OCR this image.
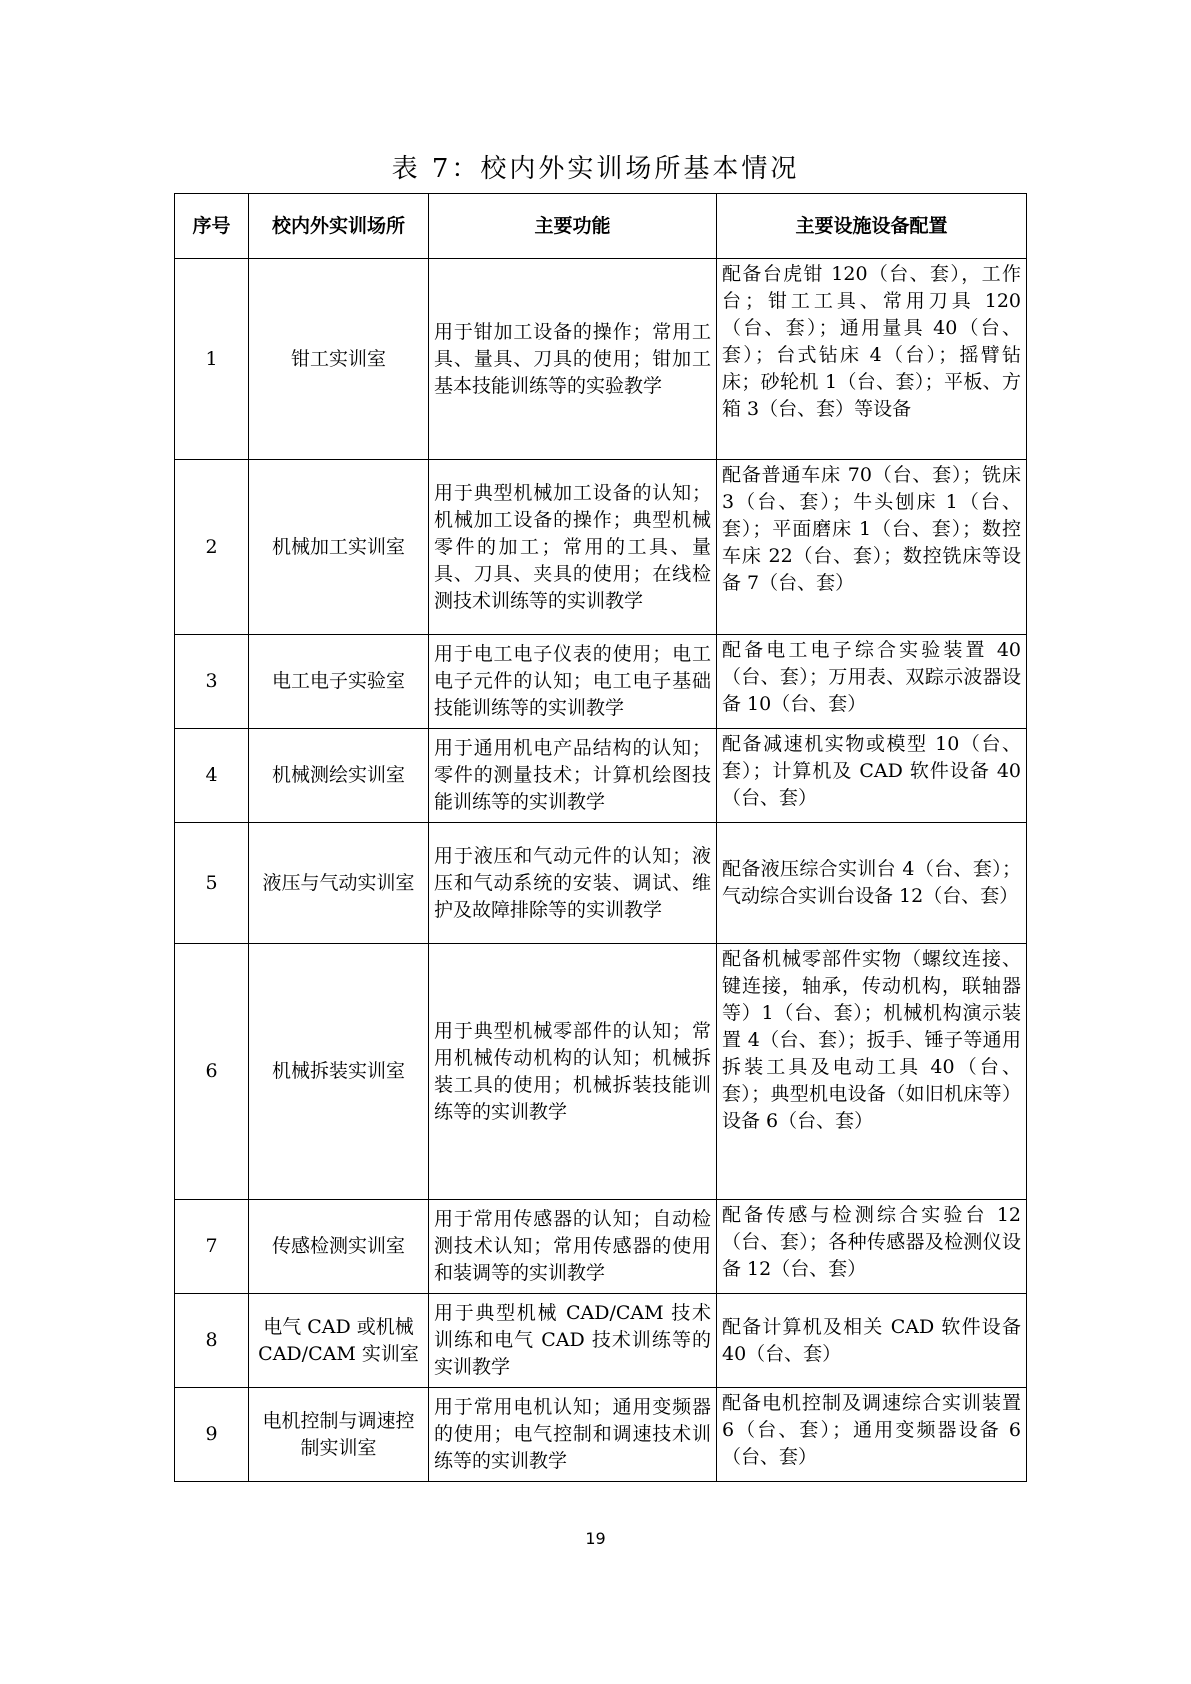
表 7：校内外实训场所基本情况
序号	校内外实训场所	主要功能	主要设施设备配置
1	钳工实训室	用于钳加工设备的操作；常用工具、量具、刀具的使用；钳加工基本技能训练等的实验教学	配备台虎钳 120（台、套），工作台；钳工工具、常用刀具 120（台、套）；通用量具 40（台、套）；台式钻床 4（台）；摇臂钻床；砂轮机 1（台、套）；平板、方箱 3（台、套）等设备
2	机械加工实训室	用于典型机械加工设备的认知；机械加工设备的操作；典型机械零件的加工；常用的工具、量具、刀具、夹具的使用；在线检测技术训练等的实训教学	配备普通车床 70（台、套）；铣床 3（台、套）；牛头刨床 1（台、套）；平面磨床 1（台、套）；数控车床 22（台、套）；数控铣床等设备 7（台、套）
3	电工电子实验室	用于电工电子仪表的使用；电工电子元件的认知；电工电子基础技能训练等的实训教学	配备电工电子综合实验装置 40（台、套）；万用表、双踪示波器设备 10（台、套）
4	机械测绘实训室	用于通用机电产品结构的认知；零件的测量技术；计算机绘图技能训练等的实训教学	配备减速机实物或模型 10（台、套）；计算机及 CAD 软件设备 40（台、套）
5	液压与气动实训室	用于液压和气动元件的认知；液压和气动系统的安装、调试、维护及故障排除等的实训教学	配备液压综合实训台 4（台、套）；气动综合实训台设备 12（台、套）
6	机械拆装实训室	用于典型机械零部件的认知；常用机械传动机构的认知；机械拆装工具的使用；机械拆装技能训练等的实训教学	配备机械零部件实物（螺纹连接、键连接，轴承，传动机构，联轴器等）1（台、套）；机械机构演示装置 4（台、套）；扳手、锤子等通用拆装工具及电动工具 40（台、套）；典型机电设备（如旧机床等）设备 6（台、套）
7	传感检测实训室	用于常用传感器的认知；自动检测技术认知；常用传感器的使用和装调等的实训教学	配备传感与检测综合实验台 12（台、套）；各种传感器及检测仪设备 12（台、套）
8	电气 CAD 或机械 CAD/CAM 实训室	用于典型机械 CAD/CAM 技术训练和电气 CAD 技术训练等的实训教学	配备计算机及相关 CAD 软件设备 40（台、套）
9	电机控制与调速控制实训室	用于常用电机认知；通用变频器的使用；电气控制和调速技术训练等的实训教学	配备电机控制及调速综合实训装置 6（台、套）；通用变频器设备 6（台、套）
19
